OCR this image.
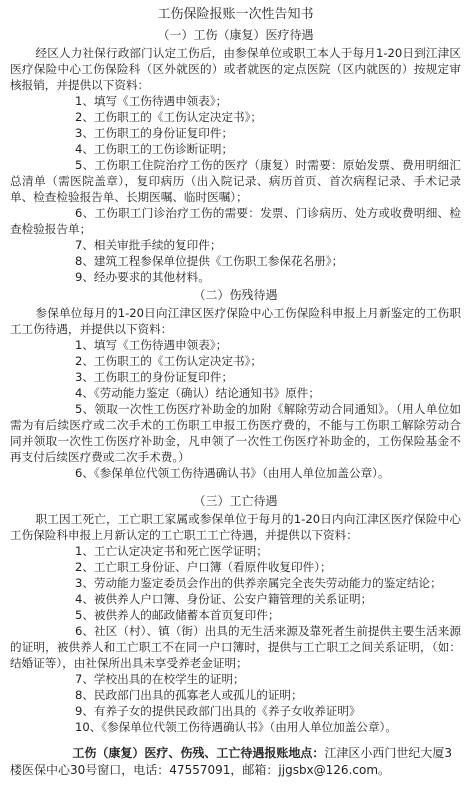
工伤保险报账一次性告知书
（一）工伤（康复）医疗待遇

经区人力社保行政部门认定工伤后，由参保单位或职工本人于每月1-20日到江津区医疗保险中心工伤保险科（区外就医的）或者就医的定点医院（区内就医的）按规定审核报销，并提供以下资料：

1、填写《工伤待遇申领表》；

2、工伤职工的《工伤认定决定书》；

3、工伤职工的身份证复印件；

4、工伤职工的工伤诊断证明；

5、工伤职工住院治疗工伤的医疗（康复）时需要：原始发票、费用明细汇总清单（需医院盖章），复印病历（出入院记录、病历首页、首次病程记录、手术记录单、检查检验报告单、长期医嘱、临时医嘱）；

6、工伤职工门诊治疗工伤的需要：发票、门诊病历、处方或收费明细、检查检验报告单；

7、相关审批手续的复印件；

8、建筑工程参保单位提供《工伤职工参保花名册》；

9、经办要求的其他材料。

（二）伤残待遇

参保单位每月的1-20日向江津区医疗保险中心工伤保险科申报上月新鉴定的工伤职工工伤待遇，并提供以下资料：

1、填写《工伤待遇申领表》；

2、工伤职工的《工伤认定决定书》；

3、工伤职工的身份证复印件；

4、《劳动能力鉴定（确认）结论通知书》原件；

5、领取一次性工伤医疗补助金的加附《解除劳动合同通知》。（用人单位如需为有后续医疗或二次手术的工伤职工申报工伤医疗费的，不能与工伤职工解除劳动合同并领取一次性工伤医疗补助金，凡申领了一次性工伤医疗补助金的，工伤保险基金不再支付后续医疗费或二次手术费。）

6、《参保单位代领工伤待遇确认书》（由用人单位加盖公章）。

（三）工亡待遇

职工因工死亡，工亡职工家属或参保单位于每月的1-20日内向江津区医疗保险中心工伤保险科申报上月新认定的工亡职工工亡待遇，并提供以下资料：

1、工亡认定决定书和死亡医学证明；

2、工亡职工身份证、户口簿（看原件收复印件）；

3、劳动能力鉴定委员会作出的供养亲属完全丧失劳动能力的鉴定结论；

4、被供养人户口簿、身份证、公安户籍管理的关系证明；

5、被供养人的邮政储蓄本首页复印件；

6、社区（村）、镇（街）出具的无生活来源及靠死者生前提供主要生活来源的证明，被供养人和工亡职工不在同一户口簿时，提供与工亡职工之间关系证明，（如：结婚证等），由社保所出具未享受养老金证明；

7、学校出具的在校学生的证明；

8、民政部门出具的孤寡老人或孤儿的证明；

9、有养子女的提供民政部门出具的《养子女收养证明》

10、《参保单位代领工伤待遇确认书》（由用人单位加盖公章）。

工伤（康复）医疗、伤残、工亡待遇报账地点：江津区小西门世纪大厦3楼医保中心30号窗口，电话：47557091，邮箱：jjgsbx@126.com。
